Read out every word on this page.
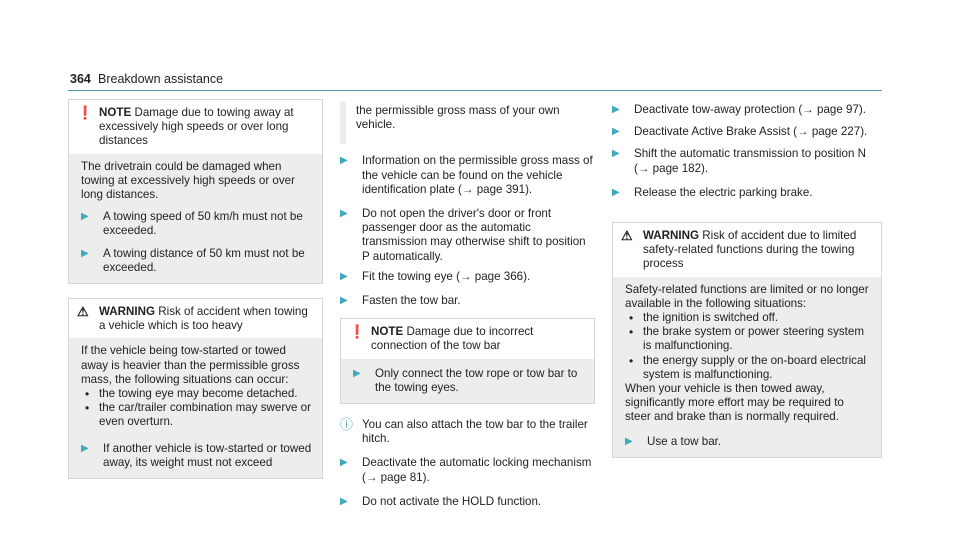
364 Breakdown assistance
❗ NOTE Damage due to towing away at excessively high speeds or over long distances
The drivetrain could be damaged when towing at excessively high speeds or over long distances.
▶	A towing speed of 50 km/h must not be exceeded.
▶	A towing distance of 50 km must not be exceeded.
⚠ WARNING Risk of accident when towing a vehicle which is too heavy
If the vehicle being tow-started or towed away is heavier than the permissible gross mass, the following situations can occur:
• the towing eye may become detached.
• the car/trailer combination may swerve or even overturn.
▶	If another vehicle is tow-started or towed away, its weight must not exceed
the permissible gross mass of your own vehicle.
▶	Information on the permissible gross mass of the vehicle can be found on the vehicle identification plate (→ page 391).
▶	Do not open the driver's door or front passenger door as the automatic transmission may otherwise shift to position P automatically.
▶	Fit the towing eye (→ page 366).
▶	Fasten the tow bar.
❗ NOTE Damage due to incorrect connection of the tow bar
▶	Only connect the tow rope or tow bar to the towing eyes.
ⓘ You can also attach the tow bar to the trailer hitch.
▶	Deactivate the automatic locking mechanism (→ page 81).
▶	Do not activate the HOLD function.
▶	Deactivate tow-away protection (→ page 97).
▶	Deactivate Active Brake Assist (→ page 227).
▶	Shift the automatic transmission to position N (→ page 182).
▶	Release the electric parking brake.
⚠ WARNING Risk of accident due to limited safety-related functions during the towing process
Safety-related functions are limited or no longer available in the following situations:
• the ignition is switched off.
• the brake system or power steering system is malfunctioning.
• the energy supply or the on-board electrical system is malfunctioning.
When your vehicle is then towed away, significantly more effort may be required to steer and brake than is normally required.
▶	Use a tow bar.
